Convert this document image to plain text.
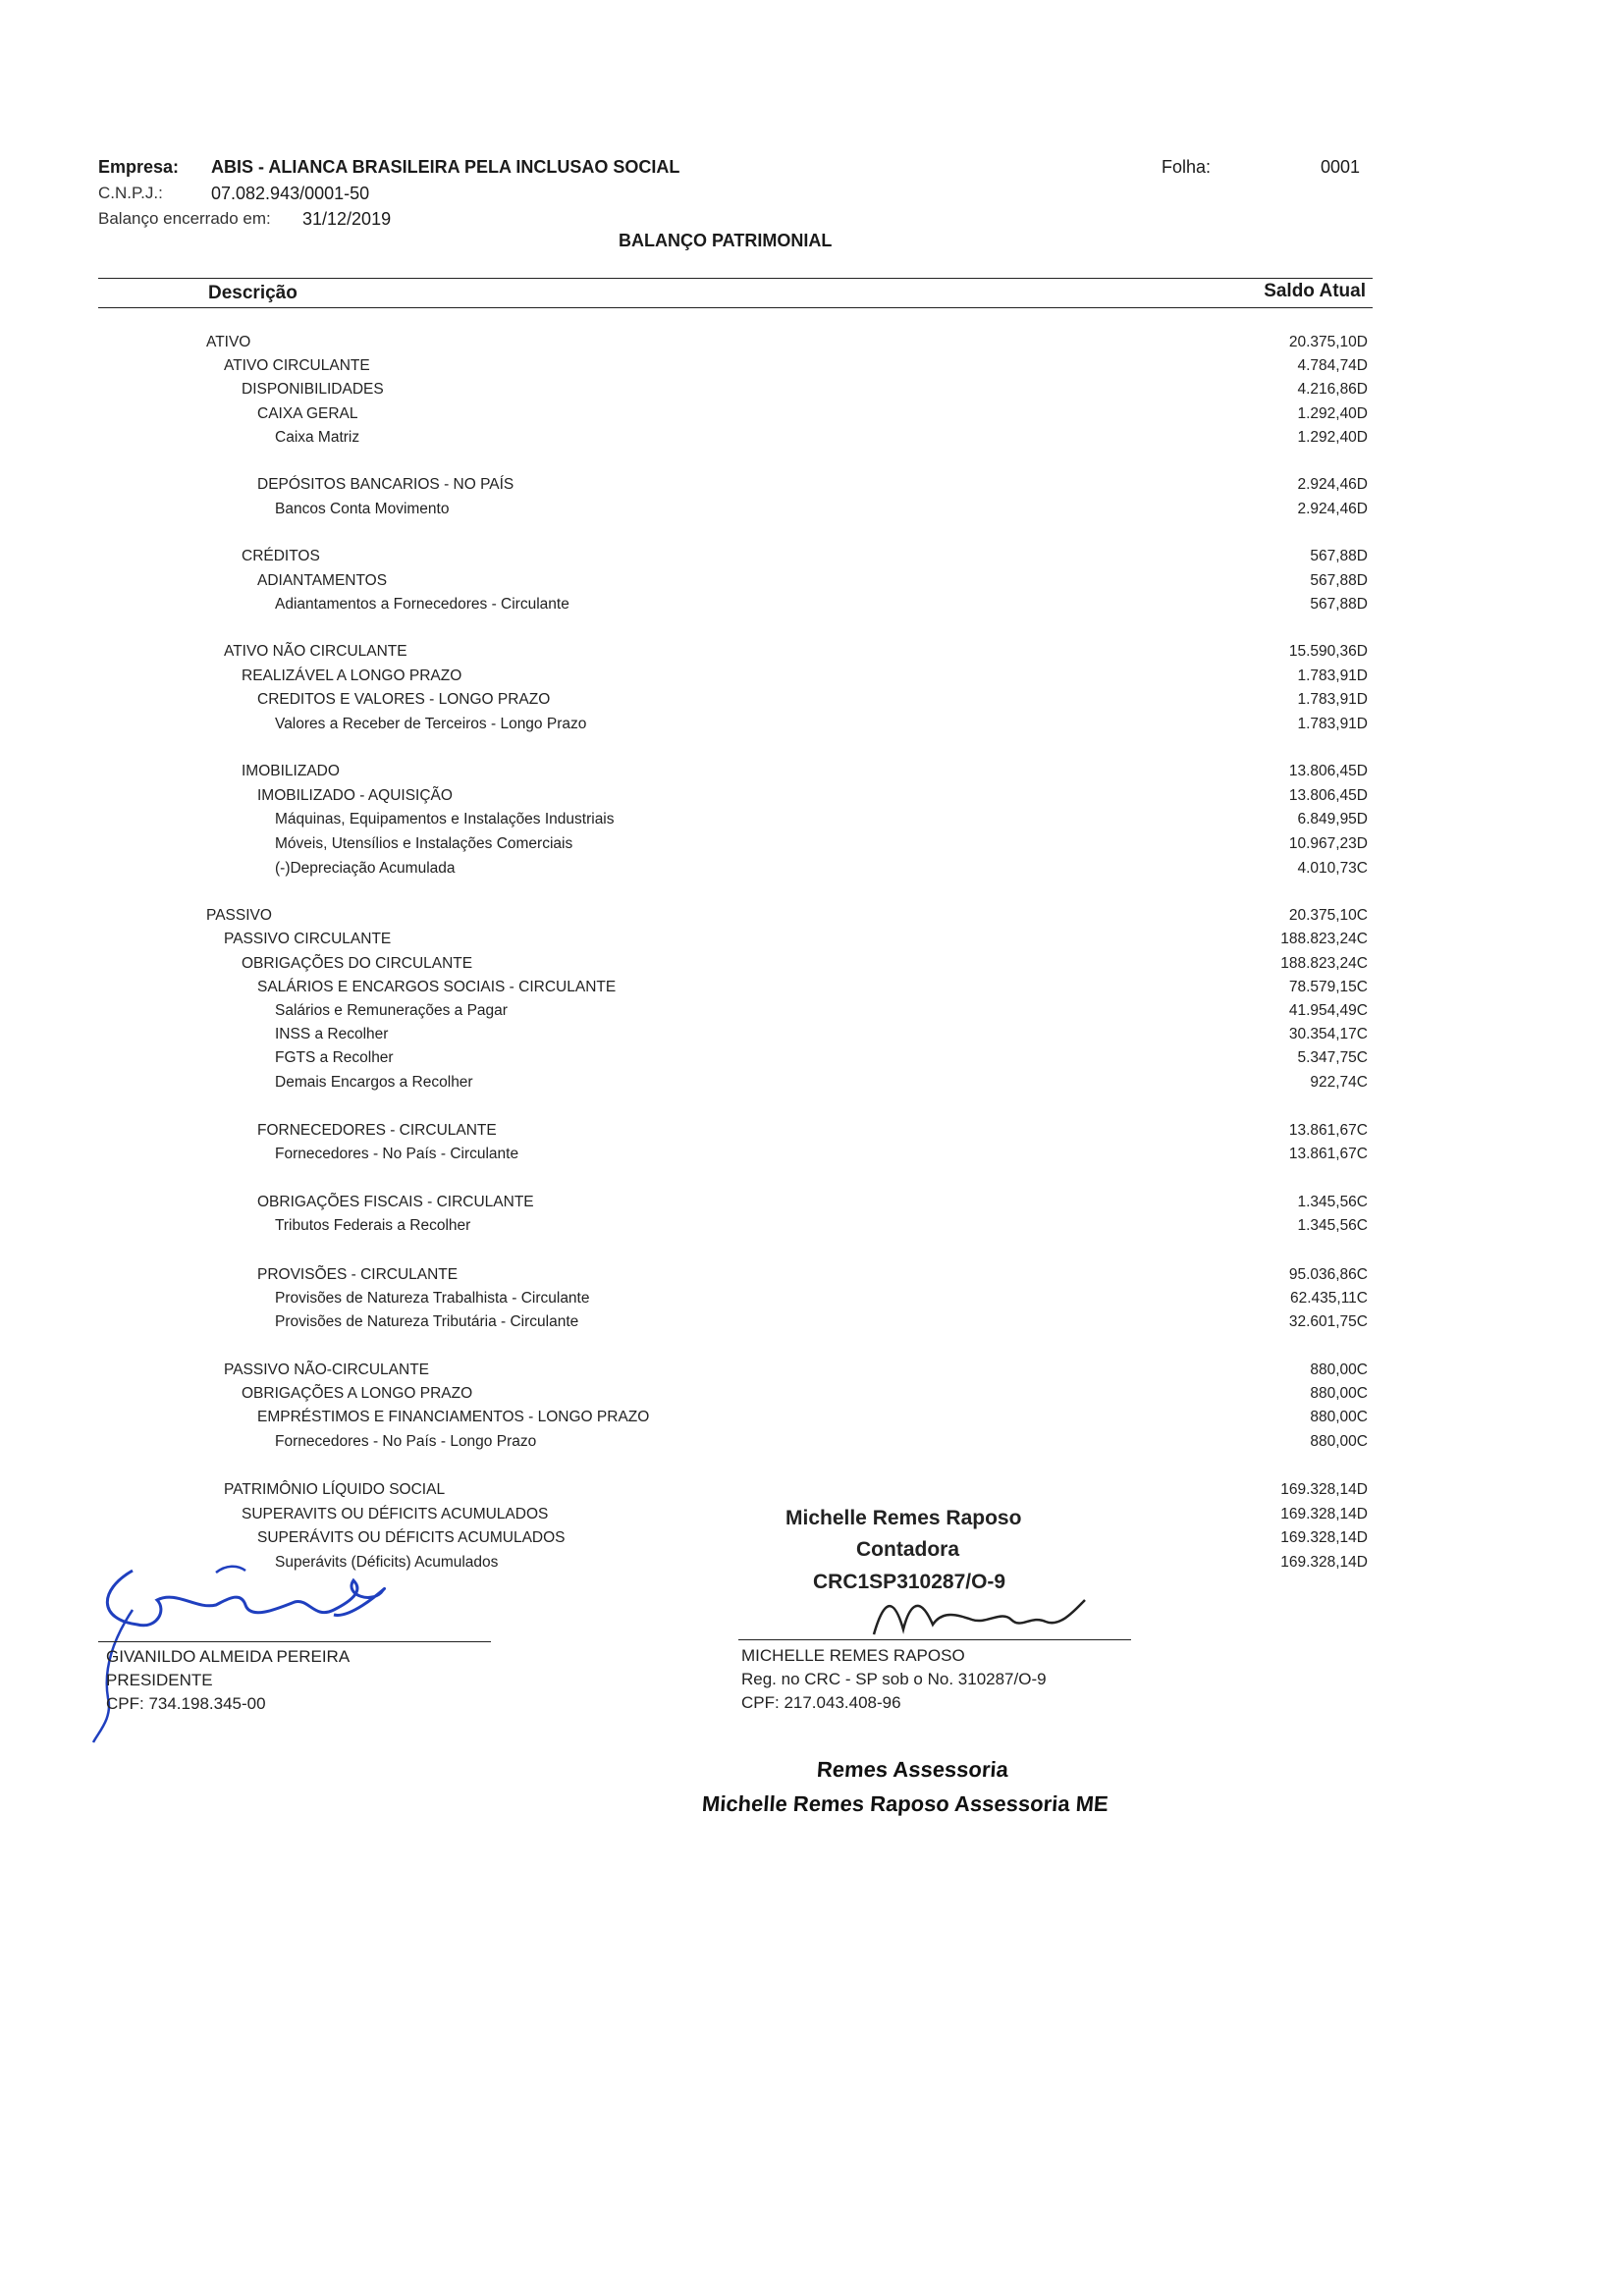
Empresa: ABIS - ALIANCA BRASILEIRA PELA INCLUSAO SOCIAL
C.N.P.J.:	07.082.943/0001-50
Balanço encerrado em: 31/12/2019
Folha:	0001
BALANÇO PATRIMONIAL
Descrição	Saldo Atual
ATIVO	20.375,10D
ATIVO CIRCULANTE	4.784,74D
DISPONIBILIDADES	4.216,86D
CAIXA GERAL	1.292,40D
Caixa Matriz	1.292,40D
DEPÓSITOS BANCARIOS - NO PAÍS	2.924,46D
Bancos Conta Movimento	2.924,46D
CRÉDITOS	567,88D
ADIANTAMENTOS	567,88D
Adiantamentos a Fornecedores - Circulante	567,88D
ATIVO NÃO CIRCULANTE	15.590,36D
REALIZÁVEL A LONGO PRAZO	1.783,91D
CREDITOS E VALORES - LONGO PRAZO	1.783,91D
Valores a Receber de Terceiros - Longo Prazo	1.783,91D
IMOBILIZADO	13.806,45D
IMOBILIZADO - AQUISIÇÃO	13.806,45D
Máquinas, Equipamentos e Instalações Industriais	6.849,95D
Móveis, Utensílios e Instalações Comerciais	10.967,23D
(-)Depreciação Acumulada	4.010,73C
PASSIVO	20.375,10C
PASSIVO CIRCULANTE	188.823,24C
OBRIGAÇÕES DO CIRCULANTE	188.823,24C
SALÁRIOS E ENCARGOS SOCIAIS - CIRCULANTE	78.579,15C
Salários e Remunerações a Pagar	41.954,49C
INSS a Recolher	30.354,17C
FGTS a Recolher	5.347,75C
Demais Encargos a Recolher	922,74C
FORNECEDORES - CIRCULANTE	13.861,67C
Fornecedores - No País - Circulante	13.861,67C
OBRIGAÇÕES FISCAIS - CIRCULANTE	1.345,56C
Tributos Federais a Recolher	1.345,56C
PROVISÕES - CIRCULANTE	95.036,86C
Provisões de Natureza Trabalhista - Circulante	62.435,11C
Provisões de Natureza Tributária - Circulante	32.601,75C
PASSIVO NÃO-CIRCULANTE	880,00C
OBRIGAÇÕES A LONGO PRAZO	880,00C
EMPRÉSTIMOS E FINANCIAMENTOS - LONGO PRAZO	880,00C
Fornecedores - No País - Longo Prazo	880,00C
PATRIMÔNIO LÍQUIDO SOCIAL	169.328,14D
SUPERAVITS OU DÉFICITS ACUMULADOS	169.328,14D
SUPERÁVITS OU DÉFICITS ACUMULADOS	169.328,14D
Superávits (Déficits) Acumulados	169.328,14D
Michelle Remes Raposo
Contadora
CRC1SP310287/O-9
GIVANILDO ALMEIDA PEREIRA
PRESIDENTE
CPF: 734.198.345-00
MICHELLE REMES RAPOSO
Reg. no CRC - SP sob o No. 310287/O-9
CPF: 217.043.408-96
Remes Assessoria
Michelle Remes Raposo Assessoria ME
